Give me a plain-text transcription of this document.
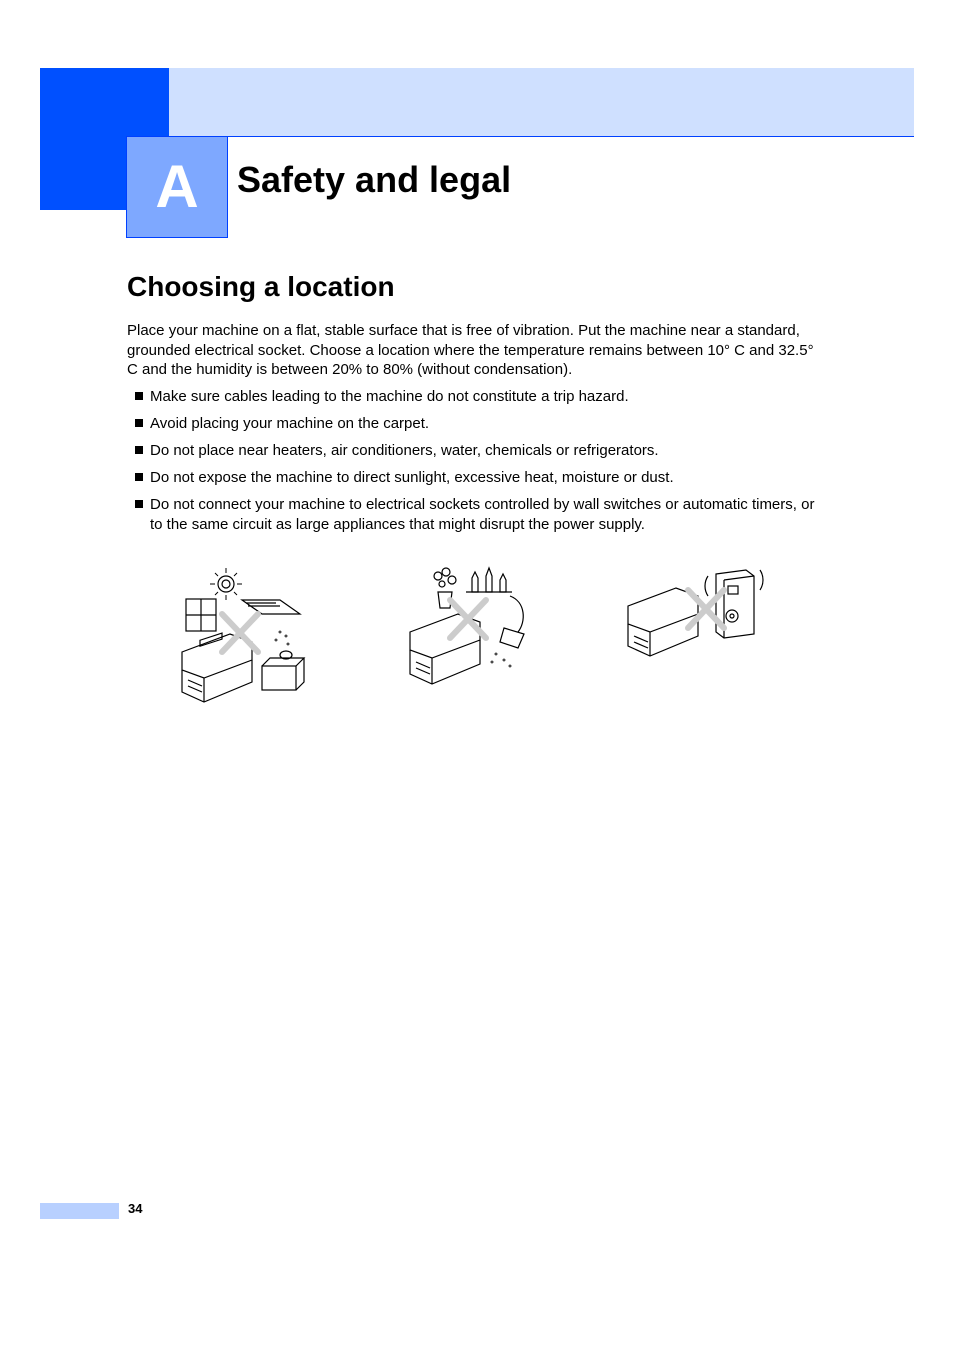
A Safety and legal
Choosing a location

Place your machine on a flat, stable surface that is free of vibration. Put the machine near a standard, grounded electrical socket. Choose a location where the temperature remains between 10° C and 32.5° C and the humidity is between 20% to 80% (without condensation).

Make sure cables leading to the machine do not constitute a trip hazard.
Avoid placing your machine on the carpet.
Do not place near heaters, air conditioners, water, chemicals or refrigerators.
Do not expose the machine to direct sunlight, excessive heat, moisture or dust.
Do not connect your machine to electrical sockets controlled by wall switches or automatic timers, or to the same circuit as large appliances that might disrupt the power supply.
34
